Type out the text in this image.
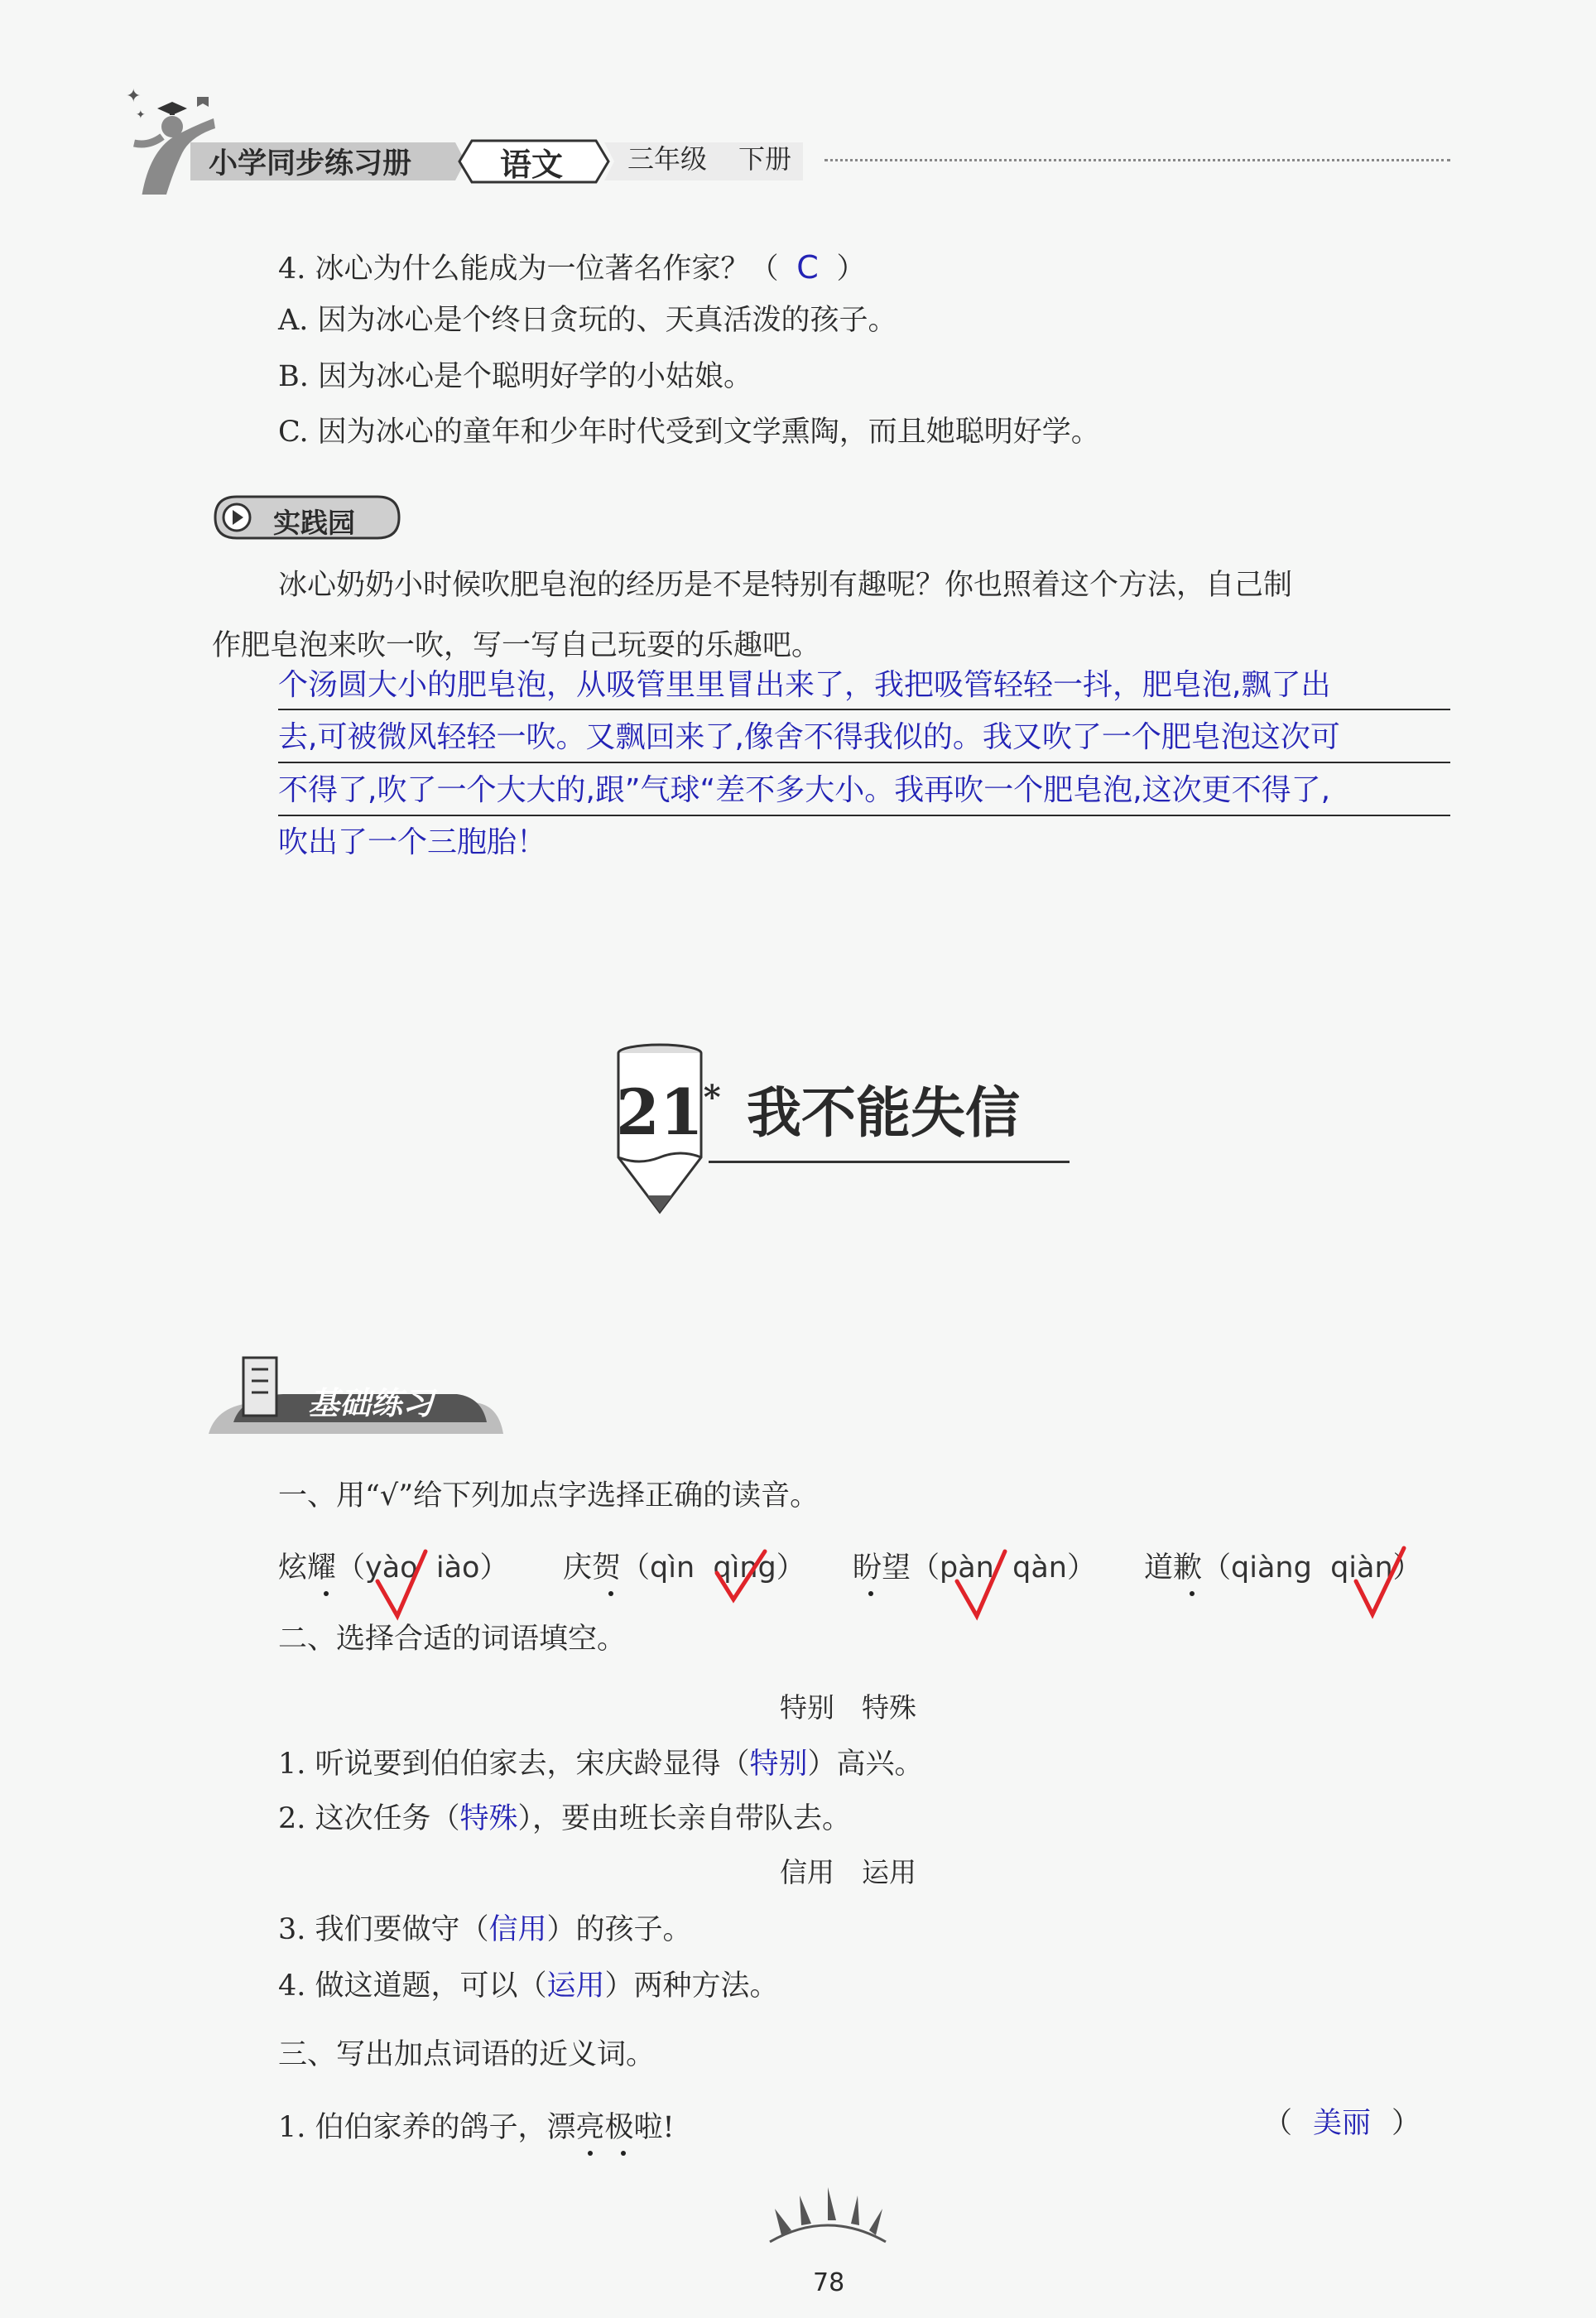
✦
✦
小学同步练习册	语文 三年级 下册
4. 冰心为什么能成为一位著名作家？（ C ）
A. 因为冰心是个终日贪玩的、天真活泼的孩子。
B. 因为冰心是个聪明好学的小姑娘。
C. 因为冰心的童年和少年时代受到文学熏陶，而且她聪明好学。
实践园
冰心奶奶小时候吹肥皂泡的经历是不是特别有趣呢？你也照着这个方法，自己制
作肥皂泡来吹一吹，写一写自己玩耍的乐趣吧。
个汤圆大小的肥皂泡，从吸管里里冒出来了，我把吸管轻轻一抖，肥皂泡,飘了出
去,可被微风轻轻一吹。又飘回来了,像舍不得我似的。我又吹了一个肥皂泡这次可
不得了,吹了一个大大的,跟”气球“差不多大小。我再吹一个肥皂泡,这次更不得了,
吹出了一个三胞胎！
21* 我不能失信
基础练习
一、用“√”给下列加点字选择正确的读音。
炫耀（yào iào） 庆贺（qìn qìng） 盼望（pàn qàn） 道歉（qiàng qiàn）
二、选择合适的词语填空。
特别　特殊
1. 听说要到伯伯家去，宋庆龄显得（特别）高兴。
2. 这次任务（特殊），要由班长亲自带队去。
信用　运用
3. 我们要做守（信用）的孩子。
4. 做这道题，可以（运用）两种方法。
三、写出加点词语的近义词。
1. 伯伯家养的鸽子，漂亮极啦!	（ 美丽 ）
78
